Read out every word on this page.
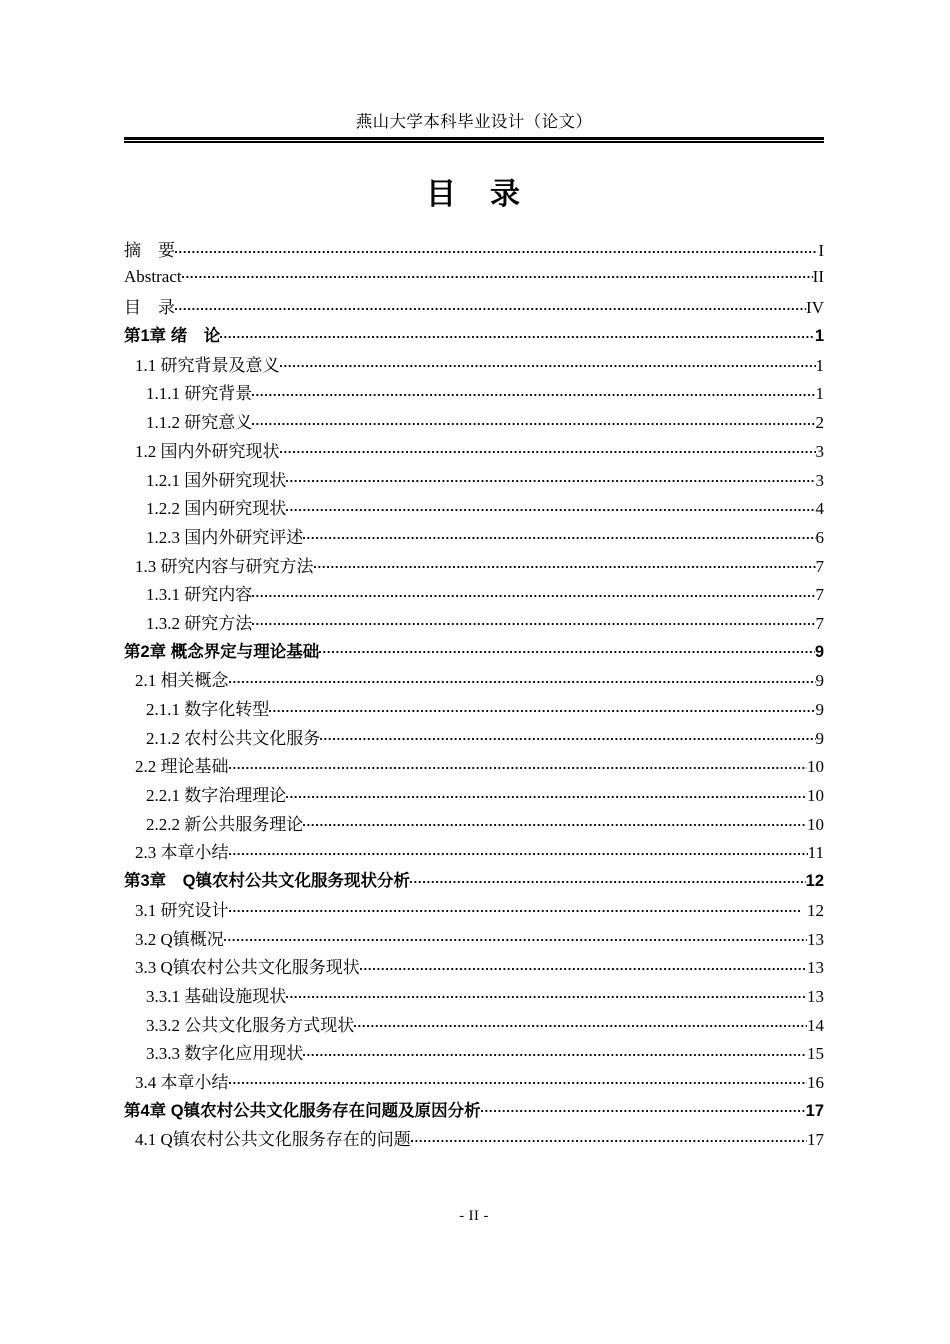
燕山大学本科毕业设计（论文）
目　录
摘　要	I
Abstract	II
目　录	IV
第1章 绪　论	1
1.1 研究背景及意义	1
1.1.1 研究背景	1
1.1.2 研究意义	2
1.2 国内外研究现状	3
1.2.1 国外研究现状	3
1.2.2 国内研究现状	4
1.2.3 国内外研究评述	6
1.3 研究内容与研究方法	7
1.3.1 研究内容	7
1.3.2 研究方法	7
第2章 概念界定与理论基础	9
2.1 相关概念	9
2.1.1 数字化转型	9
2.1.2 农村公共文化服务	9
2.2 理论基础	10
2.2.1 数字治理理论	10
2.2.2 新公共服务理论	10
2.3 本章小结	11
第3章　Q镇农村公共文化服务现状分析	12
3.1 研究设计	12
3.2 Q镇概况	13
3.3 Q镇农村公共文化服务现状	13
3.3.1 基础设施现状	13
3.3.2 公共文化服务方式现状	14
3.3.3 数字化应用现状	15
3.4 本章小结	16
第4章 Q镇农村公共文化服务存在问题及原因分析	17
4.1 Q镇农村公共文化服务存在的问题	17
- II -
